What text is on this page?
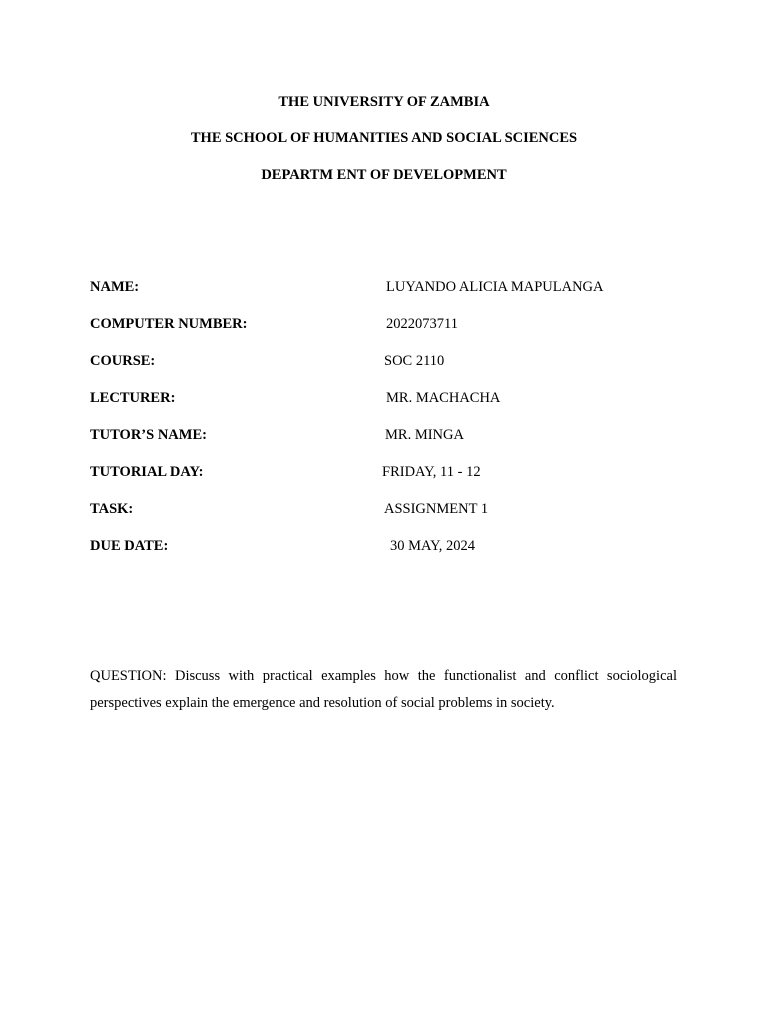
THE UNIVERSITY OF ZAMBIA
THE SCHOOL OF HUMANITIES AND SOCIAL SCIENCES
DEPARTM ENT OF DEVELOPMENT
NAME:	LUYANDO ALICIA MAPULANGA
COMPUTER NUMBER:	2022073711
COURSE:	SOC 2110
LECTURER:	MR. MACHACHA
TUTOR’S NAME:	MR. MINGA
TUTORIAL DAY:	FRIDAY, 11 - 12
TASK:	ASSIGNMENT 1
DUE DATE:	30 MAY, 2024

QUESTION: Discuss with practical examples how the functionalist and conflict sociological perspectives explain the emergence and resolution of social problems in society.
